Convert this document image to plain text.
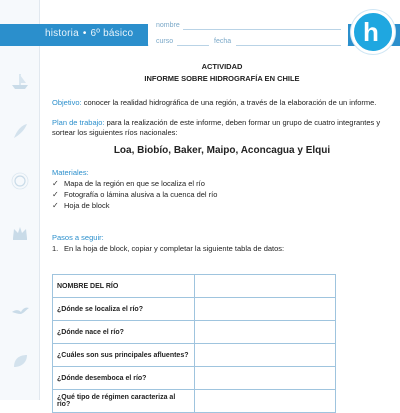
historia • 6º básico
nombre
curso	fecha	h
ACTIVIDAD
INFORME SOBRE HIDROGRAFÍA EN CHILE
Objetivo: conocer la realidad hidrográfica de una región, a través de la elaboración de un informe.
Plan de trabajo: para la realización de este informe, deben formar un grupo de cuatro integrantes y sortear los siguientes ríos nacionales:
Loa, Biobío, Baker, Maipo, Aconcagua y Elqui
Materiales:
✓ Mapa de la región en que se localiza el río
✓ Fotografía o lámina alusiva a la cuenca del río
✓ Hoja de block
Pasos a seguir:
1. En la hoja de block, copiar y completar la siguiente tabla de datos:
NOMBRE DEL RÍO	
¿Dónde se localiza el río?	
¿Dónde nace el río?	
¿Cuáles son sus principales afluentes?	
¿Dónde desemboca el río?	
¿Qué tipo de régimen caracteriza al río?	
